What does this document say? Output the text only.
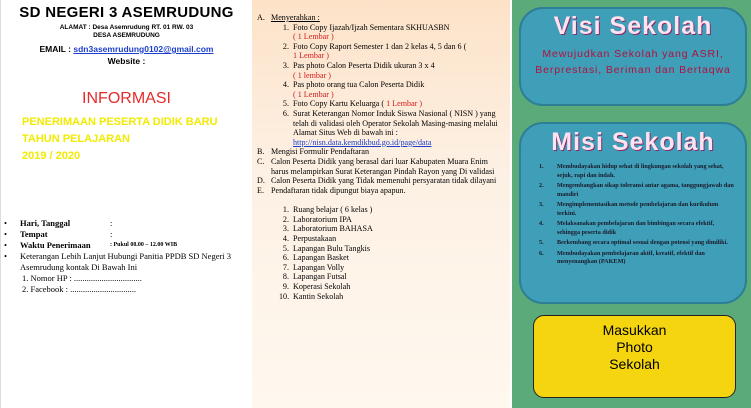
SD NEGERI 3 ASEMRUDUNG
ALAMAT : Desa Asemrudung RT. 01 RW. 03
DESA ASEMRUDUNG
EMAIL : sdn3asemrudung0102@gmail.com
Website :
INFORMASI
PENERIMAAN PESERTA DIDIK BARU
TAHUN PELAJARAN
2019 / 2020
•	Hari, Tanggal	:
•	Tempat	:
•	Waktu Penerimaan	: Pukul 08.00 – 12.00 WIB
•	Keterangan Lebih Lanjut Hubungi Panitia PPDB SD Negeri 3 Asemrudung kontak Di Bawah Ini
1. Nomor HP : ................................
2. Facebook : ...............................
A. Menyerahkan :
1. Foto Copy Ijazah/Ijzah Sementara SKHUASBN
( 1 Lembar )
2. Foto Copy Raport Semester 1 dan 2 kelas 4, 5 dan 6 (
1 Lembar )
3. Pas photo Calon Peserta Didik ukuran 3 x 4
( 1 lembar )
4. Pas photo orang tua Calon Peserta Didik
( 1 Lembar )
5. Foto Copy Kartu Keluarga ( 1 Lembar )
6. Surat Keterangan Nomor Induk Siswa Nasional ( NISN ) yang telah di validasi oleh Operator Sekolah Masing-masing melalui Alamat Situs Web di bawah ini :
http://nisn.data.kemdikbud.go.id/page/data
B. Mengisi Formulir Pendaftaran
C. Calon Peserta Didik yang berasal dari luar Kabupaten Muara Enim harus melampirkan Surat Keterangan Pindah Rayon yang Di validasi
D. Calon Peserta Didik yang Tidak memenuhi persyaratan tidak dilayani
E. Pendaftaran tidak dipungut biaya apapun.
1. Ruang belajar ( 6 kelas )
2. Laboratorium IPA
3. Laboratorium BAHASA
4. Perpustakaan
5. Lapangan Bulu Tangkis
6. Lapangan Basket
7. Lapangan Volly
8. Lapangan Futsal
9. Koperasi Sekolah
10. Kantin Sekolah
Visi Sekolah
Mewujudkan Sekolah yang ASRI, Berprestasi, Beriman dan Bertaqwa
Misi Sekolah
1.	Membudayakan hidup sehat di lingkungan sekolah yang sehat, sejuk, rapi dan indah.
2.	Mengembangkan sikap toleransi antar agama, tanggungjawab dan mandiri
3.	Mengimplementasikan metode pembelajaran dan kurikulum terkini.
4.	Melaksanakan pembelajaran dan bimbingan secara efektif, sehingga peserta didik
5.	Berkembang secara optimal sesuai dengan potensi yang dimiliki.
6.	Membudayakan pembelajaran aktif, kreatif, efektif dan menyenangkan (PAKEM)
Masukkan
Photo
Sekolah
